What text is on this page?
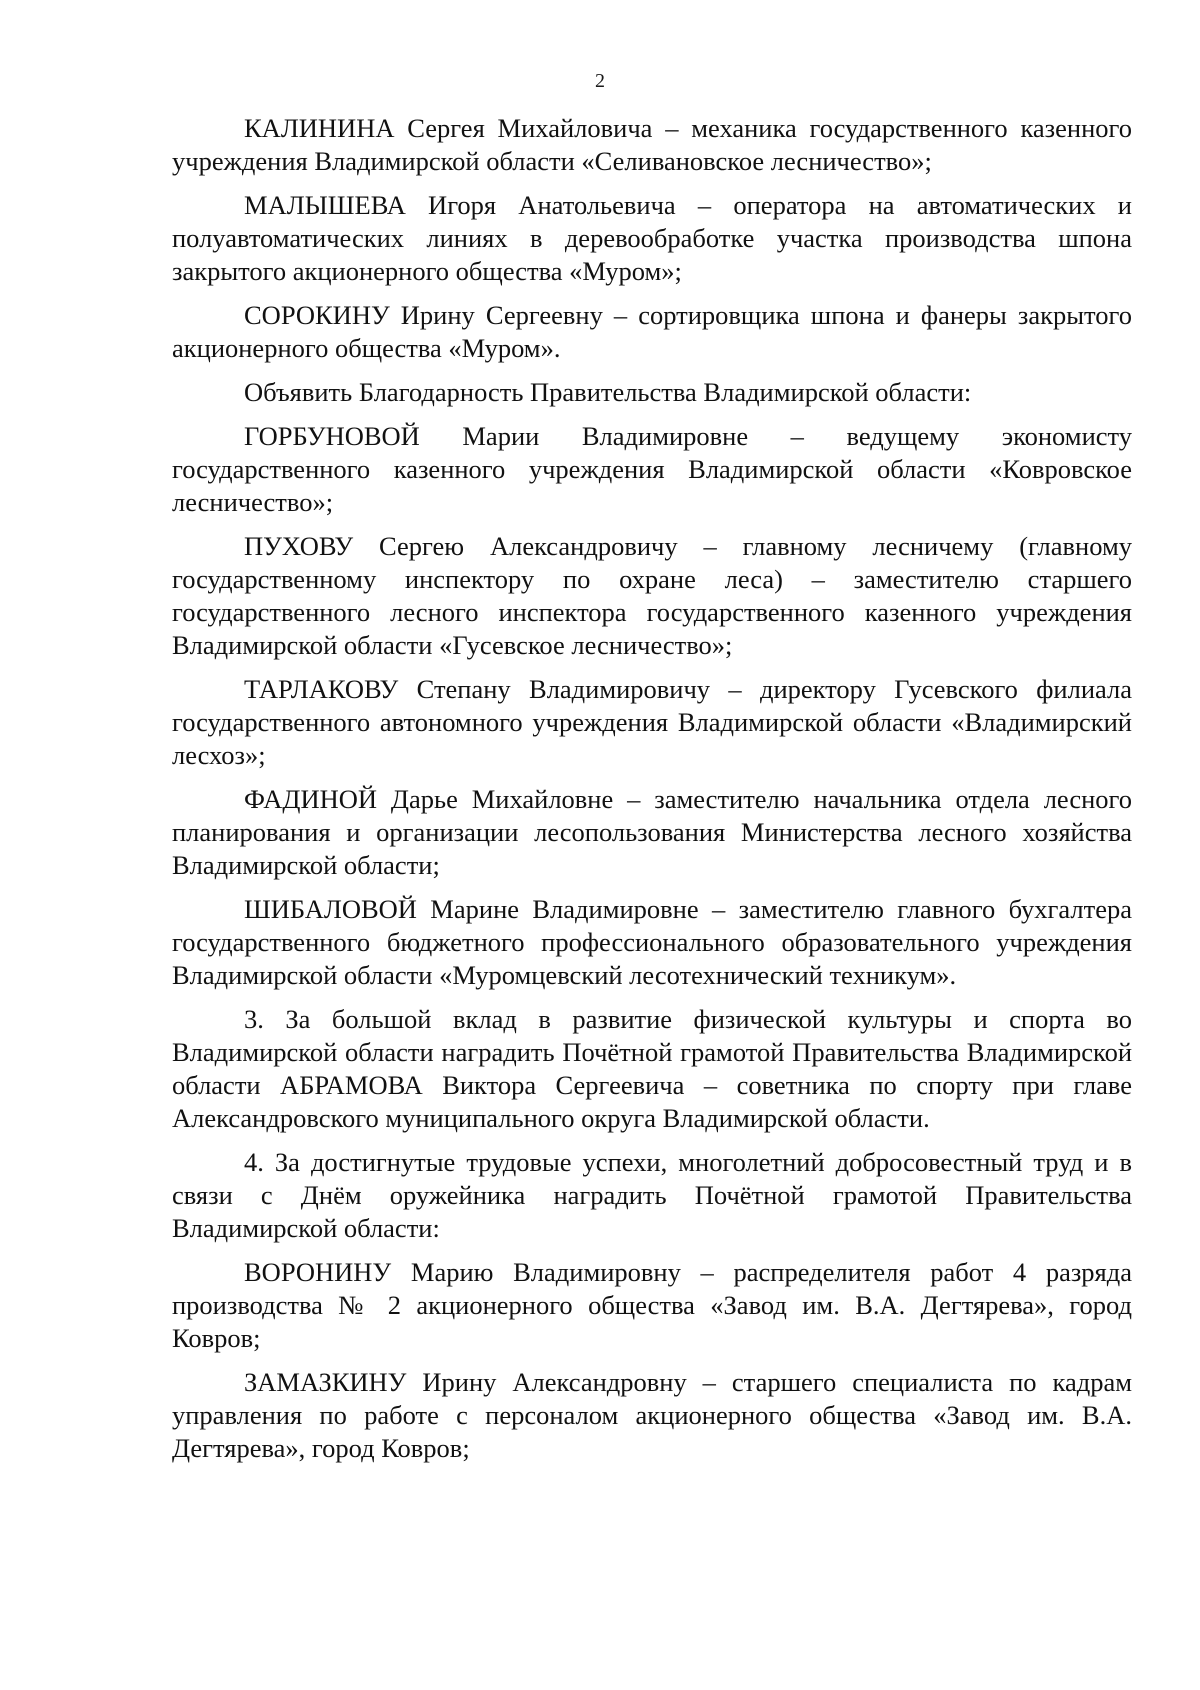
2

КАЛИНИНА Сергея Михайловича – механика государственного казенного учреждения Владимирской области «Селивановское лесничество»;

МАЛЫШЕВА Игоря Анатольевича – оператора на автоматических и полуавтоматических линиях в деревообработке участка производства шпона закрытого акционерного общества «Муром»;

СОРОКИНУ Ирину Сергеевну – сортировщика шпона и фанеры закрытого акционерного общества «Муром».

Объявить Благодарность Правительства Владимирской области:

ГОРБУНОВОЙ Марии Владимировне – ведущему экономисту государственного казенного учреждения Владимирской области «Ковровское лесничество»;

ПУХОВУ Сергею Александровичу – главному лесничему (главному государственному инспектору по охране леса) – заместителю старшего государственного лесного инспектора государственного казенного учреждения Владимирской области «Гусевское лесничество»;

ТАРЛАКОВУ Степану Владимировичу – директору Гусевского филиала государственного автономного учреждения Владимирской области «Владимирский лесхоз»;

ФАДИНОЙ Дарье Михайловне – заместителю начальника отдела лесного планирования и организации лесопользования Министерства лесного хозяйства Владимирской области;

ШИБАЛОВОЙ Марине Владимировне – заместителю главного бухгалтера государственного бюджетного профессионального образовательного учреждения Владимирской области «Муромцевский лесотехнический техникум».

3. За большой вклад в развитие физической культуры и спорта во Владимирской области наградить Почётной грамотой Правительства Владимирской области АБРАМОВА Виктора Сергеевича – советника по спорту при главе Александровского муниципального округа Владимирской области.

4. За достигнутые трудовые успехи, многолетний добросовестный труд и в связи с Днём оружейника наградить Почётной грамотой Правительства Владимирской области:

ВОРОНИНУ Марию Владимировну – распределителя работ 4 разряда производства № 2 акционерного общества «Завод им. В.А. Дегтярева», город Ковров;

ЗАМАЗКИНУ Ирину Александровну – старшего специалиста по кадрам управления по работе с персоналом акционерного общества «Завод им. В.А. Дегтярева», город Ковров;
